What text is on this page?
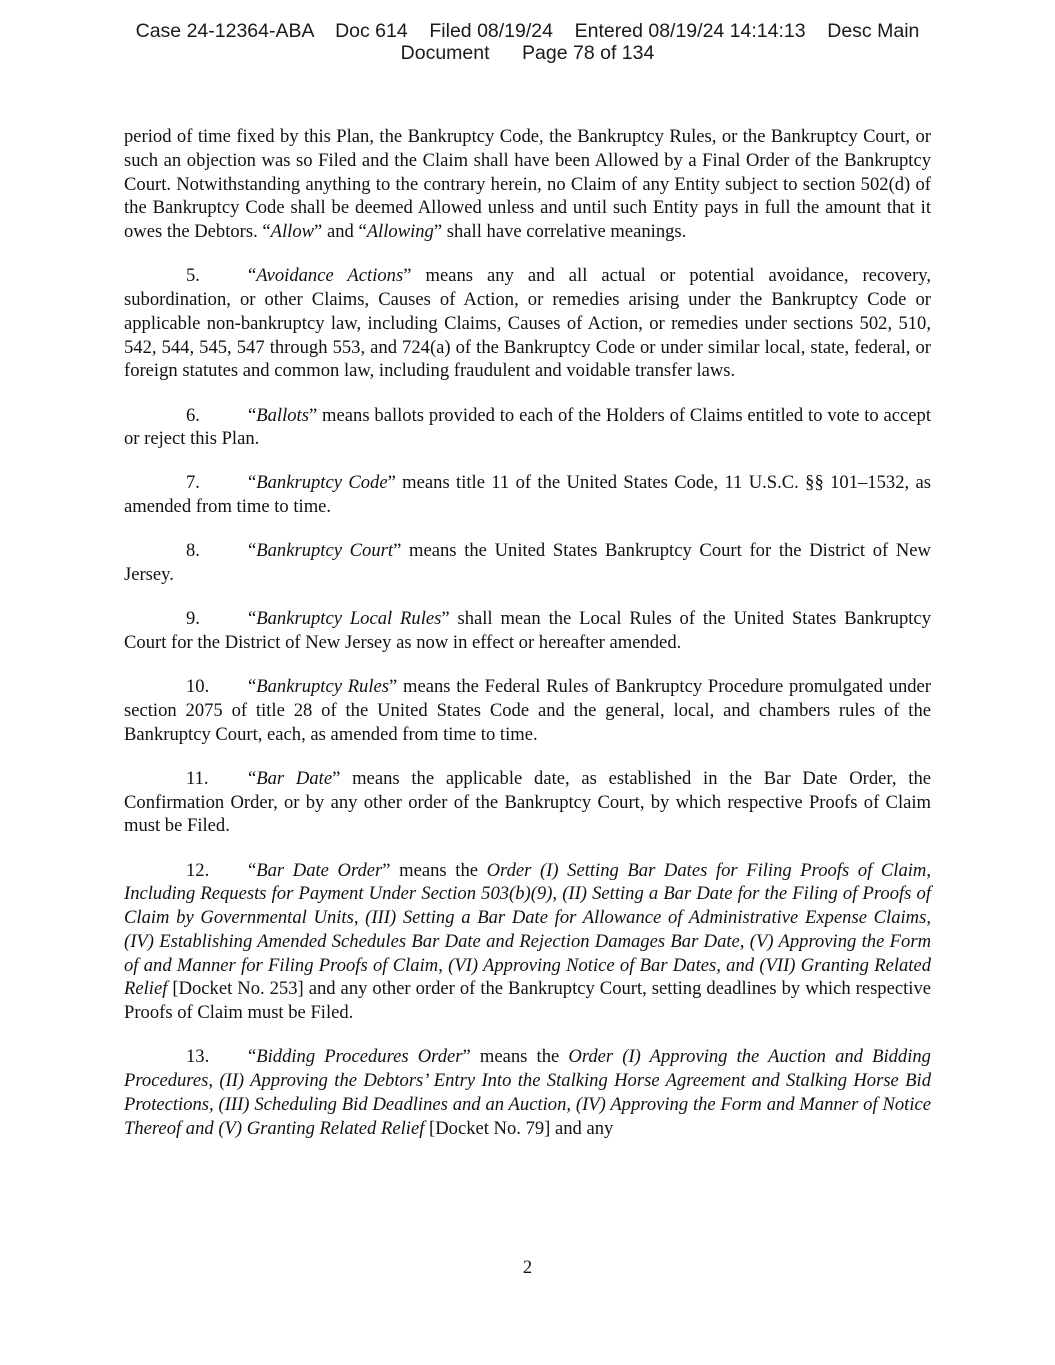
Case 24-12364-ABA    Doc 614    Filed 08/19/24    Entered 08/19/24 14:14:13    Desc Main
Document      Page 78 of 134

period of time fixed by this Plan, the Bankruptcy Code, the Bankruptcy Rules, or the Bankruptcy Court, or such an objection was so Filed and the Claim shall have been Allowed by a Final Order of the Bankruptcy Court. Notwithstanding anything to the contrary herein, no Claim of any Entity subject to section 502(d) of the Bankruptcy Code shall be deemed Allowed unless and until such Entity pays in full the amount that it owes the Debtors. “Allow” and “Allowing” shall have correlative meanings.

5.	“Avoidance Actions” means any and all actual or potential avoidance, recovery, subordination, or other Claims, Causes of Action, or remedies arising under the Bankruptcy Code or applicable non-bankruptcy law, including Claims, Causes of Action, or remedies under sections 502, 510, 542, 544, 545, 547 through 553, and 724(a) of the Bankruptcy Code or under similar local, state, federal, or foreign statutes and common law, including fraudulent and voidable transfer laws.

6.	“Ballots” means ballots provided to each of the Holders of Claims entitled to vote to accept or reject this Plan.

7.	“Bankruptcy Code” means title 11 of the United States Code, 11 U.S.C. §§ 101–1532, as amended from time to time.

8.	“Bankruptcy Court” means the United States Bankruptcy Court for the District of New Jersey.

9.	“Bankruptcy Local Rules” shall mean the Local Rules of the United States Bankruptcy Court for the District of New Jersey as now in effect or hereafter amended.

10. “Bankruptcy Rules” means the Federal Rules of Bankruptcy Procedure promulgated under section 2075 of title 28 of the United States Code and the general, local, and chambers rules of the Bankruptcy Court, each, as amended from time to time.

11. “Bar Date” means the applicable date, as established in the Bar Date Order, the Confirmation Order, or by any other order of the Bankruptcy Court, by which respective Proofs of Claim must be Filed.

12. “Bar Date Order” means the Order (I) Setting Bar Dates for Filing Proofs of Claim, Including Requests for Payment Under Section 503(b)(9), (II) Setting a Bar Date for the Filing of Proofs of Claim by Governmental Units, (III) Setting a Bar Date for Allowance of Administrative Expense Claims, (IV) Establishing Amended Schedules Bar Date and Rejection Damages Bar Date, (V) Approving the Form of and Manner for Filing Proofs of Claim, (VI) Approving Notice of Bar Dates, and (VII) Granting Related Relief [Docket No. 253] and any other order of the Bankruptcy Court, setting deadlines by which respective Proofs of Claim must be Filed.

13. “Bidding Procedures Order” means the Order (I) Approving the Auction and Bidding Procedures, (II) Approving the Debtors’ Entry Into the Stalking Horse Agreement and Stalking Horse Bid Protections, (III) Scheduling Bid Deadlines and an Auction, (IV) Approving the Form and Manner of Notice Thereof and (V) Granting Related Relief [Docket No. 79] and any

2
